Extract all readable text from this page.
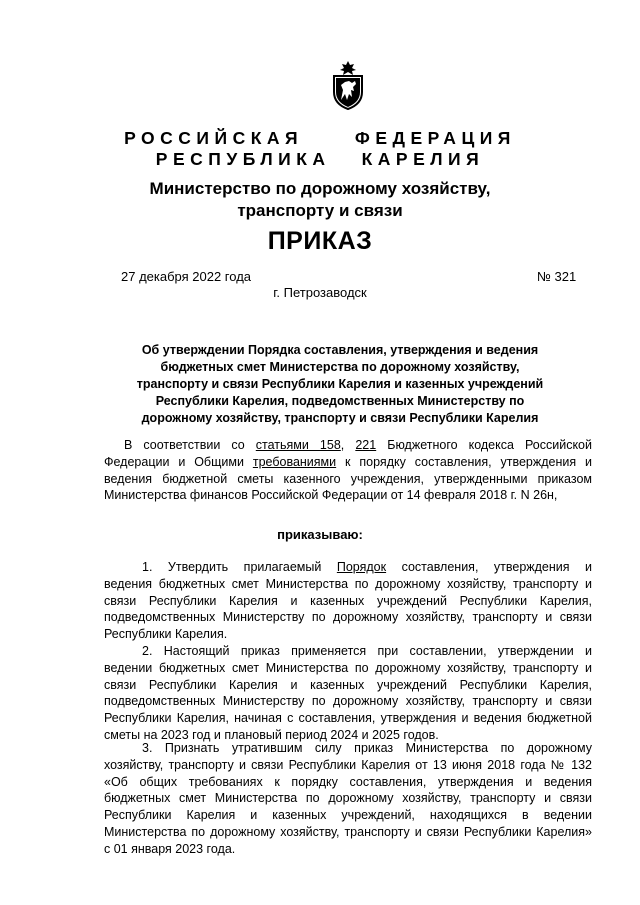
РОССИЙСКАЯ     ФЕДЕРАЦИЯ
РЕСПУБЛИКА   КАРЕЛИЯ
Министерство по дорожному хозяйству,
транспорту и связи
ПРИКАЗ
27 декабря 2022 года	№ 321
г. Петрозаводск
Об утверждении Порядка составления, утверждения и ведения
бюджетных смет Министерства по дорожному хозяйству,
транспорту и связи Республики Карелия и казенных учреждений
Республики Карелия, подведомственных Министерству по
дорожному хозяйству, транспорту и связи Республики Карелия
В соответствии со статьями 158, 221 Бюджетного кодекса Российской
Федерации и Общими требованиями к порядку составления, утверждения и
ведения бюджетной сметы казенного учреждения, утвержденными приказом
Министерства финансов Российской Федерации от 14 февраля 2018 г. N 26н,
приказываю:
1. Утвердить прилагаемый Порядок составления, утверждения и
ведения бюджетных смет Министерства по дорожному хозяйству, транспорту и
связи Республики Карелия и казенных учреждений Республики Карелия,
подведомственных Министерству по дорожному хозяйству, транспорту и связи
Республики Карелия.
2. Настоящий приказ применяется при составлении, утверждении и
ведении бюджетных смет Министерства по дорожному хозяйству, транспорту и
связи Республики Карелия и казенных учреждений Республики Карелия,
подведомственных Министерству по дорожному хозяйству, транспорту и связи
Республики Карелия, начиная с составления, утверждения и ведения бюджетной
сметы на 2023 год и плановый период 2024 и 2025 годов.
3. Признать утратившим силу приказ Министерства по дорожному
хозяйству, транспорту и связи Республики Карелия от 13 июня 2018 года № 132
«Об общих требованиях к порядку составления, утверждения и ведения
бюджетных смет Министерства по дорожному хозяйству, транспорту и связи
Республики Карелия и казенных учреждений, находящихся в ведении
Министерства по дорожному хозяйству, транспорту и связи Республики Карелия»
с 01 января 2023 года.
